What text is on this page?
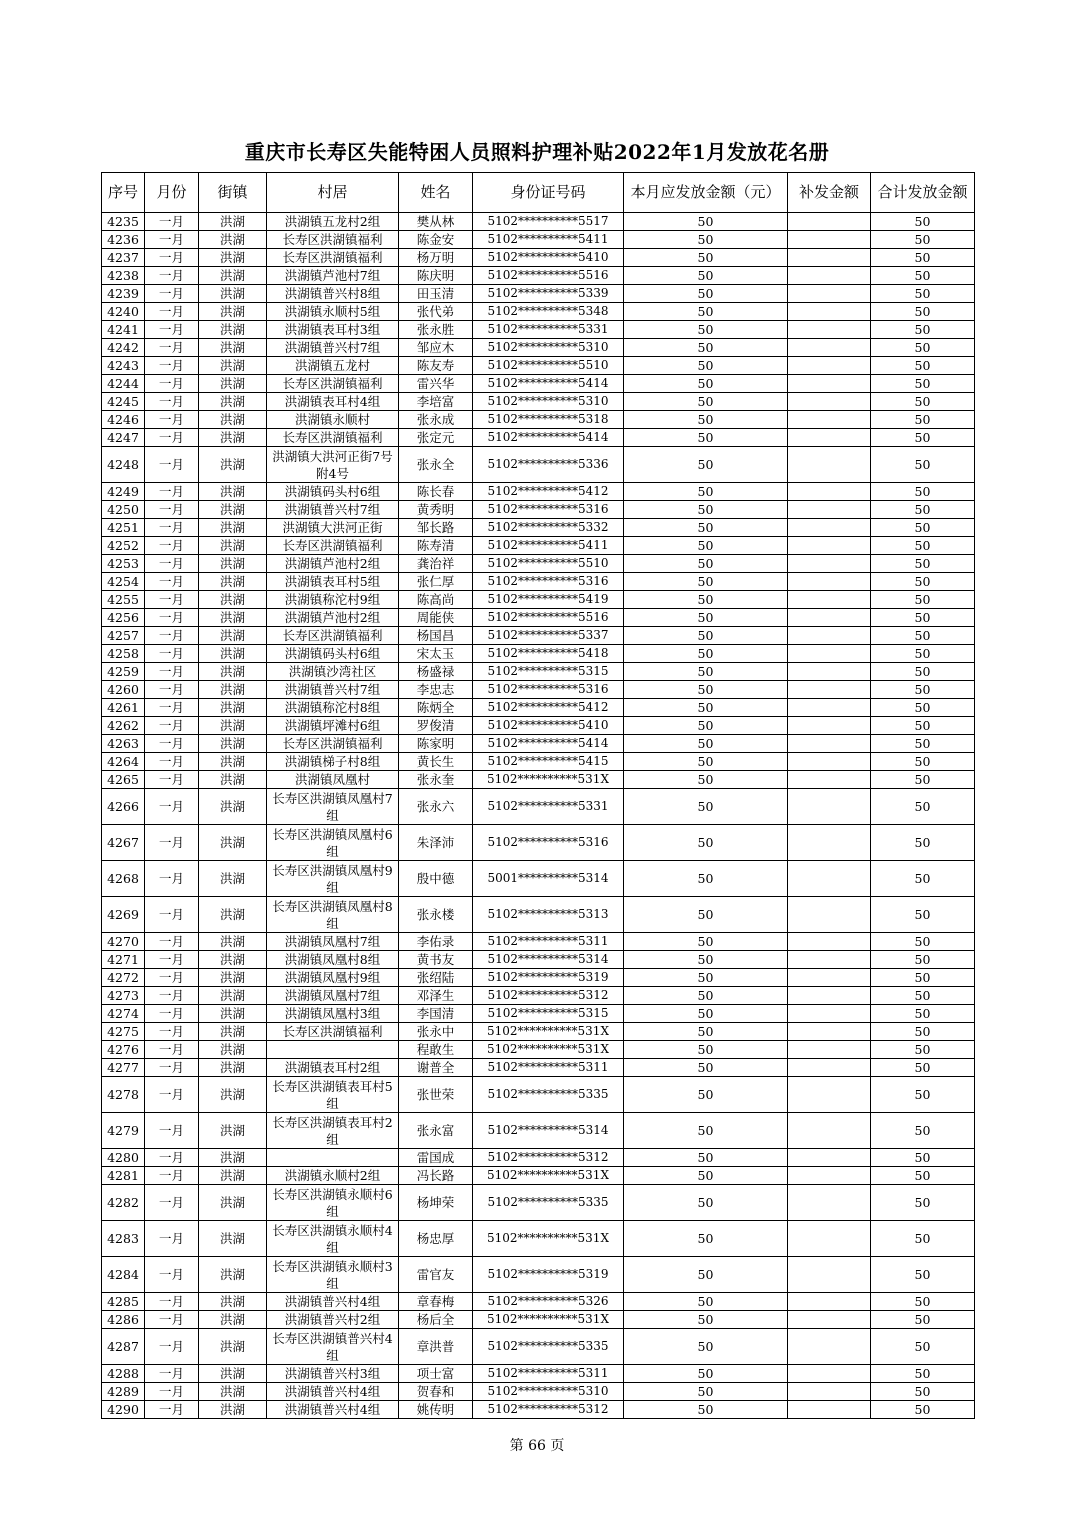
重庆市长寿区失能特困人员照料护理补贴2022年1月发放花名册
序号	月份	街镇	村居	姓名	身份证号码	本月应发放金额（元）	补发金额	合计发放金额
4235	一月	洪湖	洪湖镇五龙村2组	樊从林	5102**********5517	50		50
4236	一月	洪湖	长寿区洪湖镇福利	陈金安	5102**********5411	50		50
4237	一月	洪湖	长寿区洪湖镇福利	杨万明	5102**********5410	50		50
4238	一月	洪湖	洪湖镇芦池村7组	陈庆明	5102**********5516	50		50
4239	一月	洪湖	洪湖镇普兴村8组	田玉清	5102**********5339	50		50
4240	一月	洪湖	洪湖镇永顺村5组	张代弟	5102**********5348	50		50
4241	一月	洪湖	洪湖镇表耳村3组	张永胜	5102**********5331	50		50
4242	一月	洪湖	洪湖镇普兴村7组	邹应木	5102**********5310	50		50
4243	一月	洪湖	洪湖镇五龙村	陈友寿	5102**********5510	50		50
4244	一月	洪湖	长寿区洪湖镇福利	雷兴华	5102**********5414	50		50
4245	一月	洪湖	洪湖镇表耳村4组	李培富	5102**********5310	50		50
4246	一月	洪湖	洪湖镇永顺村	张永成	5102**********5318	50		50
4247	一月	洪湖	长寿区洪湖镇福利	张定元	5102**********5414	50		50
4248	一月	洪湖	洪湖镇大洪河正街7号附4号	张永全	5102**********5336	50		50
4249	一月	洪湖	洪湖镇码头村6组	陈长春	5102**********5412	50		50
4250	一月	洪湖	洪湖镇普兴村7组	黄秀明	5102**********5316	50		50
4251	一月	洪湖	洪湖镇大洪河正街	邹长路	5102**********5332	50		50
4252	一月	洪湖	长寿区洪湖镇福利	陈寿清	5102**********5411	50		50
4253	一月	洪湖	洪湖镇芦池村2组	龚治祥	5102**********5510	50		50
4254	一月	洪湖	洪湖镇表耳村5组	张仁厚	5102**********5316	50		50
4255	一月	洪湖	洪湖镇称沱村9组	陈高尚	5102**********5419	50		50
4256	一月	洪湖	洪湖镇芦池村2组	周能侠	5102**********5516	50		50
4257	一月	洪湖	长寿区洪湖镇福利	杨国昌	5102**********5337	50		50
4258	一月	洪湖	洪湖镇码头村6组	宋太玉	5102**********5418	50		50
4259	一月	洪湖	洪湖镇沙湾社区	杨盛禄	5102**********5315	50		50
4260	一月	洪湖	洪湖镇普兴村7组	李忠志	5102**********5316	50		50
4261	一月	洪湖	洪湖镇称沱村8组	陈炳全	5102**********5412	50		50
4262	一月	洪湖	洪湖镇坪滩村6组	罗俊清	5102**********5410	50		50
4263	一月	洪湖	长寿区洪湖镇福利	陈家明	5102**********5414	50		50
4264	一月	洪湖	洪湖镇梯子村8组	黄长生	5102**********5415	50		50
4265	一月	洪湖	洪湖镇凤凰村	张永奎	5102**********531X	50		50
4266	一月	洪湖	长寿区洪湖镇凤凰村7组	张永六	5102**********5331	50		50
4267	一月	洪湖	长寿区洪湖镇凤凰村6组	朱泽沛	5102**********5316	50		50
4268	一月	洪湖	长寿区洪湖镇凤凰村9组	殷中德	5001**********5314	50		50
4269	一月	洪湖	长寿区洪湖镇凤凰村8组	张永楼	5102**********5313	50		50
4270	一月	洪湖	洪湖镇凤凰村7组	李佑录	5102**********5311	50		50
4271	一月	洪湖	洪湖镇凤凰村8组	黄书友	5102**********5314	50		50
4272	一月	洪湖	洪湖镇凤凰村9组	张绍陆	5102**********5319	50		50
4273	一月	洪湖	洪湖镇凤凰村7组	邓泽生	5102**********5312	50		50
4274	一月	洪湖	洪湖镇凤凰村3组	李国清	5102**********5315	50		50
4275	一月	洪湖	长寿区洪湖镇福利	张永中	5102**********531X	50		50
4276	一月	洪湖		程敢生	5102**********531X	50		50
4277	一月	洪湖	洪湖镇表耳村2组	谢普全	5102**********5311	50		50
4278	一月	洪湖	长寿区洪湖镇表耳村5组	张世荣	5102**********5335	50		50
4279	一月	洪湖	长寿区洪湖镇表耳村2组	张永富	5102**********5314	50		50
4280	一月	洪湖		雷国成	5102**********5312	50		50
4281	一月	洪湖	洪湖镇永顺村2组	冯长路	5102**********531X	50		50
4282	一月	洪湖	长寿区洪湖镇永顺村6组	杨坤荣	5102**********5335	50		50
4283	一月	洪湖	长寿区洪湖镇永顺村4组	杨忠厚	5102**********531X	50		50
4284	一月	洪湖	长寿区洪湖镇永顺村3组	雷官友	5102**********5319	50		50
4285	一月	洪湖	洪湖镇普兴村4组	章春梅	5102**********5326	50		50
4286	一月	洪湖	洪湖镇普兴村2组	杨后全	5102**********531X	50		50
4287	一月	洪湖	长寿区洪湖镇普兴村4组	章洪普	5102**********5335	50		50
4288	一月	洪湖	洪湖镇普兴村3组	项士富	5102**********5311	50		50
4289	一月	洪湖	洪湖镇普兴村4组	贺春和	5102**********5310	50		50
4290	一月	洪湖	洪湖镇普兴村4组	姚传明	5102**********5312	50		50
第 66 页
